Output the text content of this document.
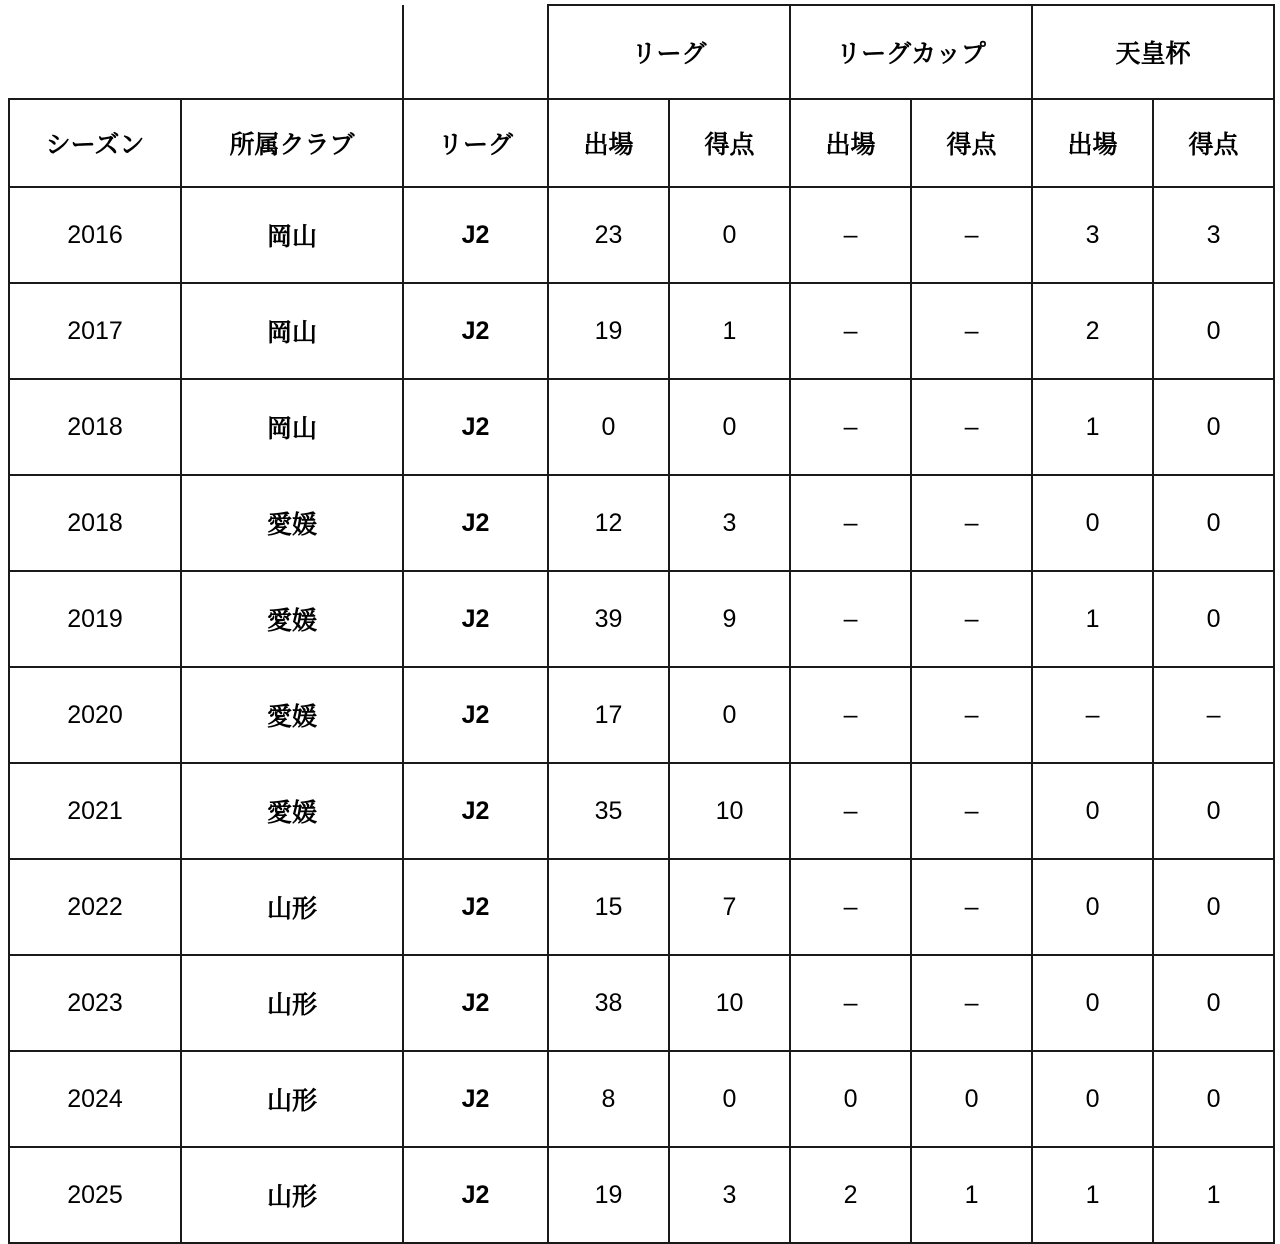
			リーグ		リーグカップ		天皇杯	
シーズン	所属クラブ	リーグ	出場	得点	出場	得点	出場	得点
2016	岡山	J2	23	0	–	–	3	3
2017	岡山	J2	19	1	–	–	2	0
2018	岡山	J2	0	0	–	–	1	0
2018	愛媛	J2	12	3	–	–	0	0
2019	愛媛	J2	39	9	–	–	1	0
2020	愛媛	J2	17	0	–	–	–	–
2021	愛媛	J2	35	10	–	–	0	0
2022	山形	J2	15	7	–	–	0	0
2023	山形	J2	38	10	–	–	0	0
2024	山形	J2	8	0	0	0	0	0
2025	山形	J2	19	3	2	1	1	1
